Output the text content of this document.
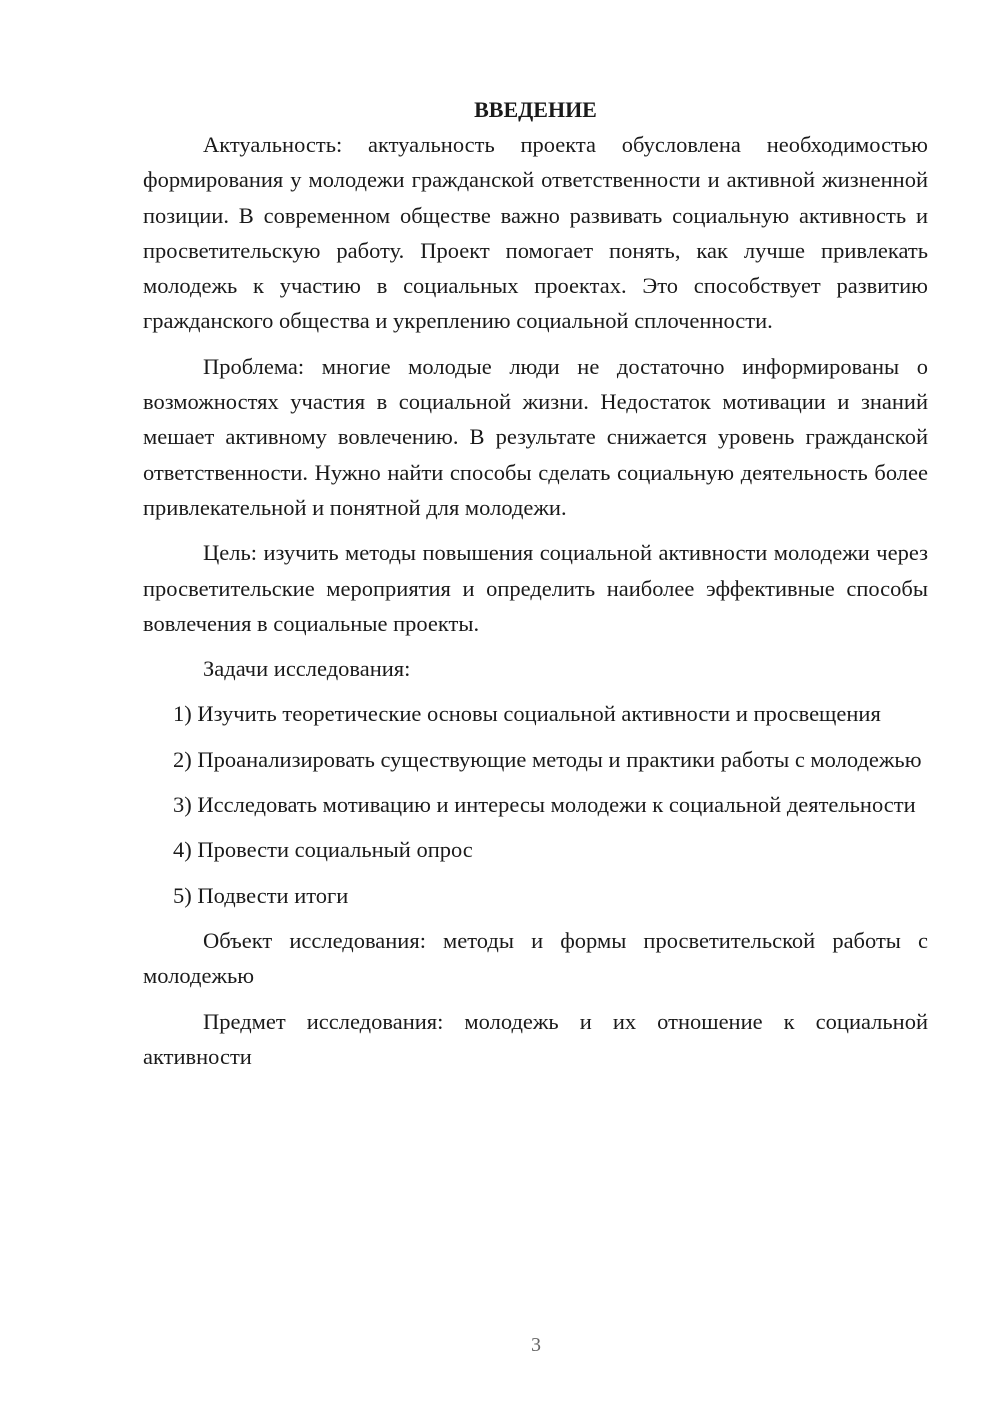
ВВЕДЕНИЕ

Актуальность: актуальность проекта обусловлена необходимостью формирования у молодежи гражданской ответственности и активной жизненной позиции. В современном обществе важно развивать социальную активность и просветительскую работу. Проект помогает понять, как лучше привлекать молодежь к участию в социальных проектах. Это способствует развитию гражданского общества и укреплению социальной сплоченности.

Проблема: многие молодые люди не достаточно информированы о возможностях участия в социальной жизни. Недостаток мотивации и знаний мешает активному вовлечению. В результате снижается уровень гражданской ответственности. Нужно найти способы сделать социальную деятельность более привлекательной и понятной для молодежи.

Цель: изучить методы повышения социальной активности молодежи через просветительские мероприятия и определить наиболее эффективные способы вовлечения в социальные проекты.

Задачи исследования:

1) Изучить теоретические основы социальной активности и просвещения

2) Проанализировать существующие методы и практики работы с молодежью

3) Исследовать мотивацию и интересы молодежи к социальной деятельности

4) Провести социальный опрос

5) Подвести итоги

Объект исследования: методы и формы просветительской работы с молодежью

Предмет исследования: молодежь и их отношение к социальной активности

3
